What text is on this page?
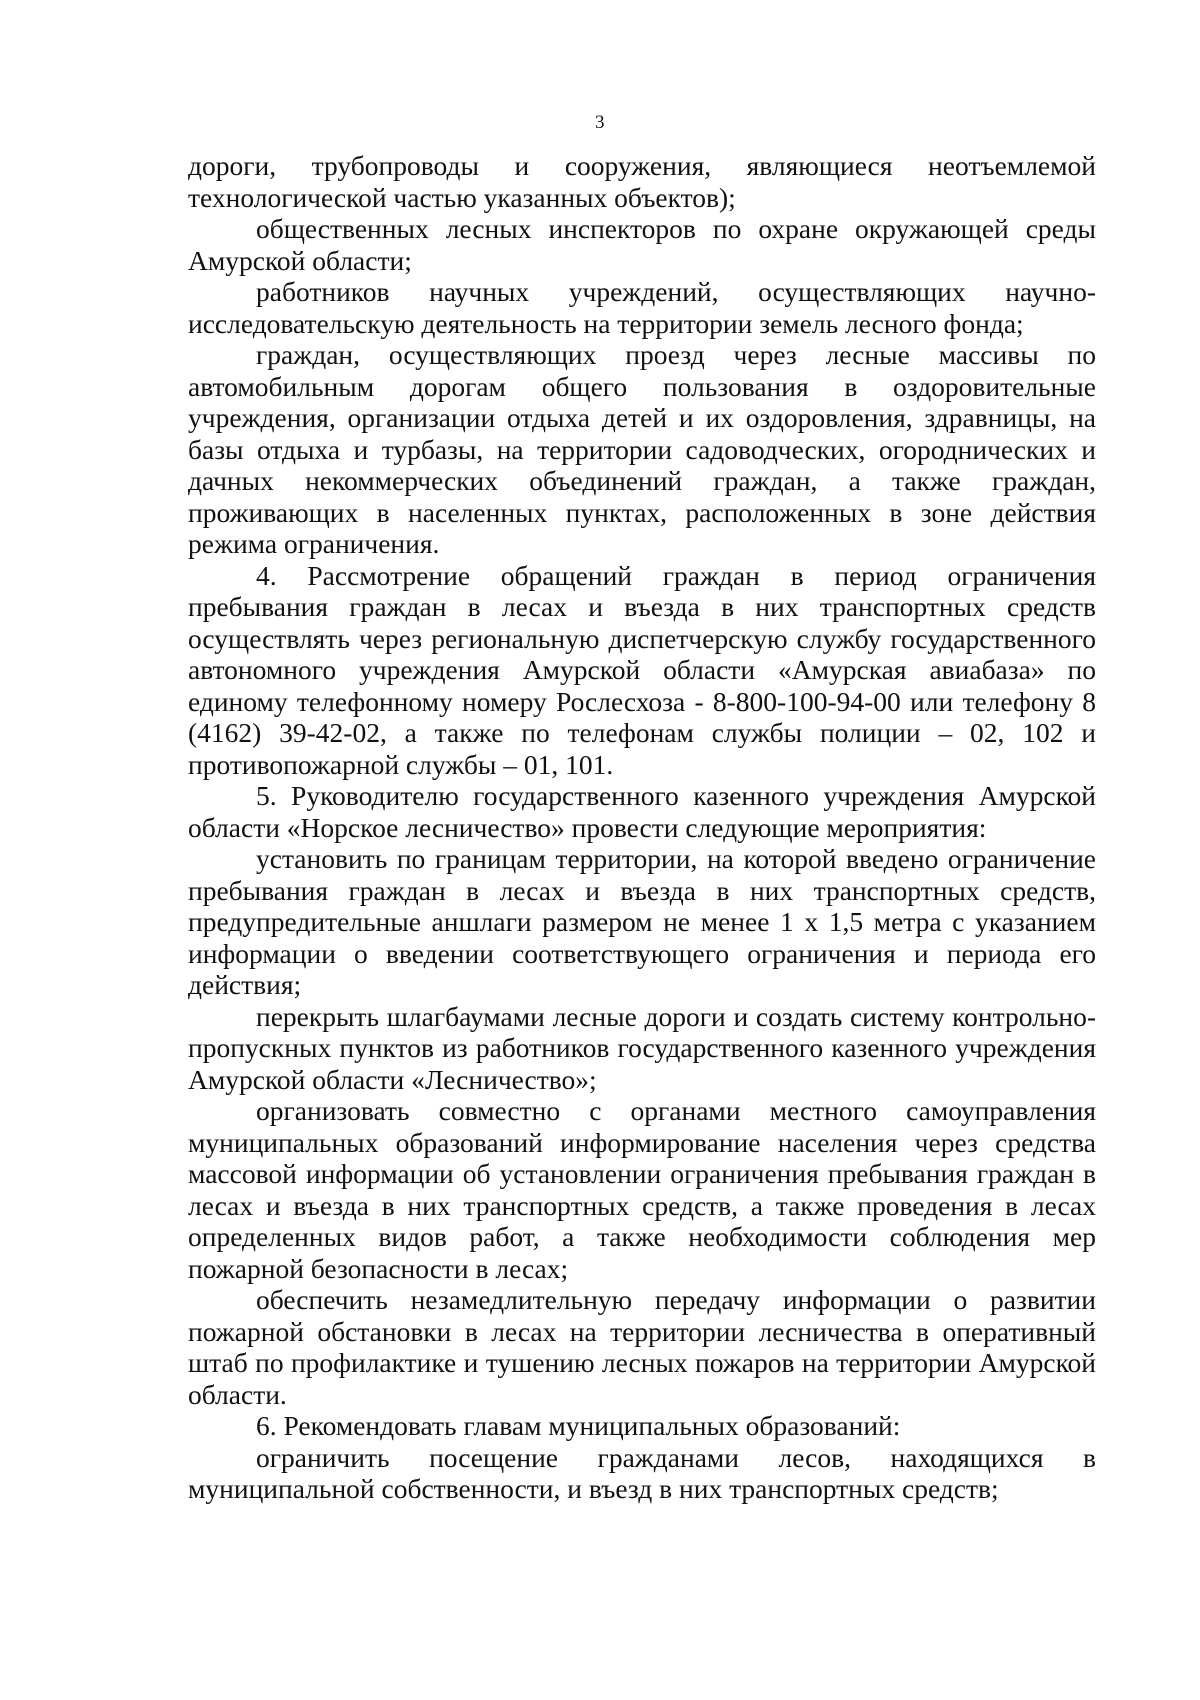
3

дороги, трубопроводы и сооружения, являющиеся неотъемлемой технологической частью указанных объектов);

общественных лесных инспекторов по охране окружающей среды Амурской области;

работников научных учреждений, осуществляющих научно-исследовательскую деятельность на территории земель лесного фонда;

граждан, осуществляющих проезд через лесные массивы по автомобильным дорогам общего пользования в оздоровительные учреждения, организации отдыха детей и их оздоровления, здравницы, на базы отдыха и турбазы, на территории садоводческих, огороднических и дачных некоммерческих объединений граждан, а также граждан, проживающих в населенных пунктах, расположенных в зоне действия режима ограничения.

4. Рассмотрение обращений граждан в период ограничения пребывания граждан в лесах и въезда в них транспортных средств осуществлять через региональную диспетчерскую службу государственного автономного учреждения Амурской области «Амурская авиабаза» по единому телефонному номеру Рослесхоза - 8-800-100-94-00 или телефону 8 (4162) 39-42-02, а также по телефонам службы полиции – 02, 102 и противопожарной службы – 01, 101.

5. Руководителю государственного казенного учреждения Амурской области «Норское лесничество» провести следующие мероприятия:

установить по границам территории, на которой введено ограничение пребывания граждан в лесах и въезда в них транспортных средств, предупредительные аншлаги размером не менее 1 х 1,5 метра с указанием информации о введении соответствующего ограничения и периода его действия;

перекрыть шлагбаумами лесные дороги и создать систему контрольно-пропускных пунктов из работников государственного казенного учреждения Амурской области «Лесничество»;

организовать совместно с органами местного самоуправления муниципальных образований информирование населения через средства массовой информации об установлении ограничения пребывания граждан в лесах и въезда в них транспортных средств, а также проведения в лесах определенных видов работ, а также необходимости соблюдения мер пожарной безопасности в лесах;

обеспечить незамедлительную передачу информации о развитии пожарной обстановки в лесах на территории лесничества в оперативный штаб по профилактике и тушению лесных пожаров на территории Амурской области.

6. Рекомендовать главам муниципальных образований:

ограничить посещение гражданами лесов, находящихся в муниципальной собственности, и въезд в них транспортных средств;
